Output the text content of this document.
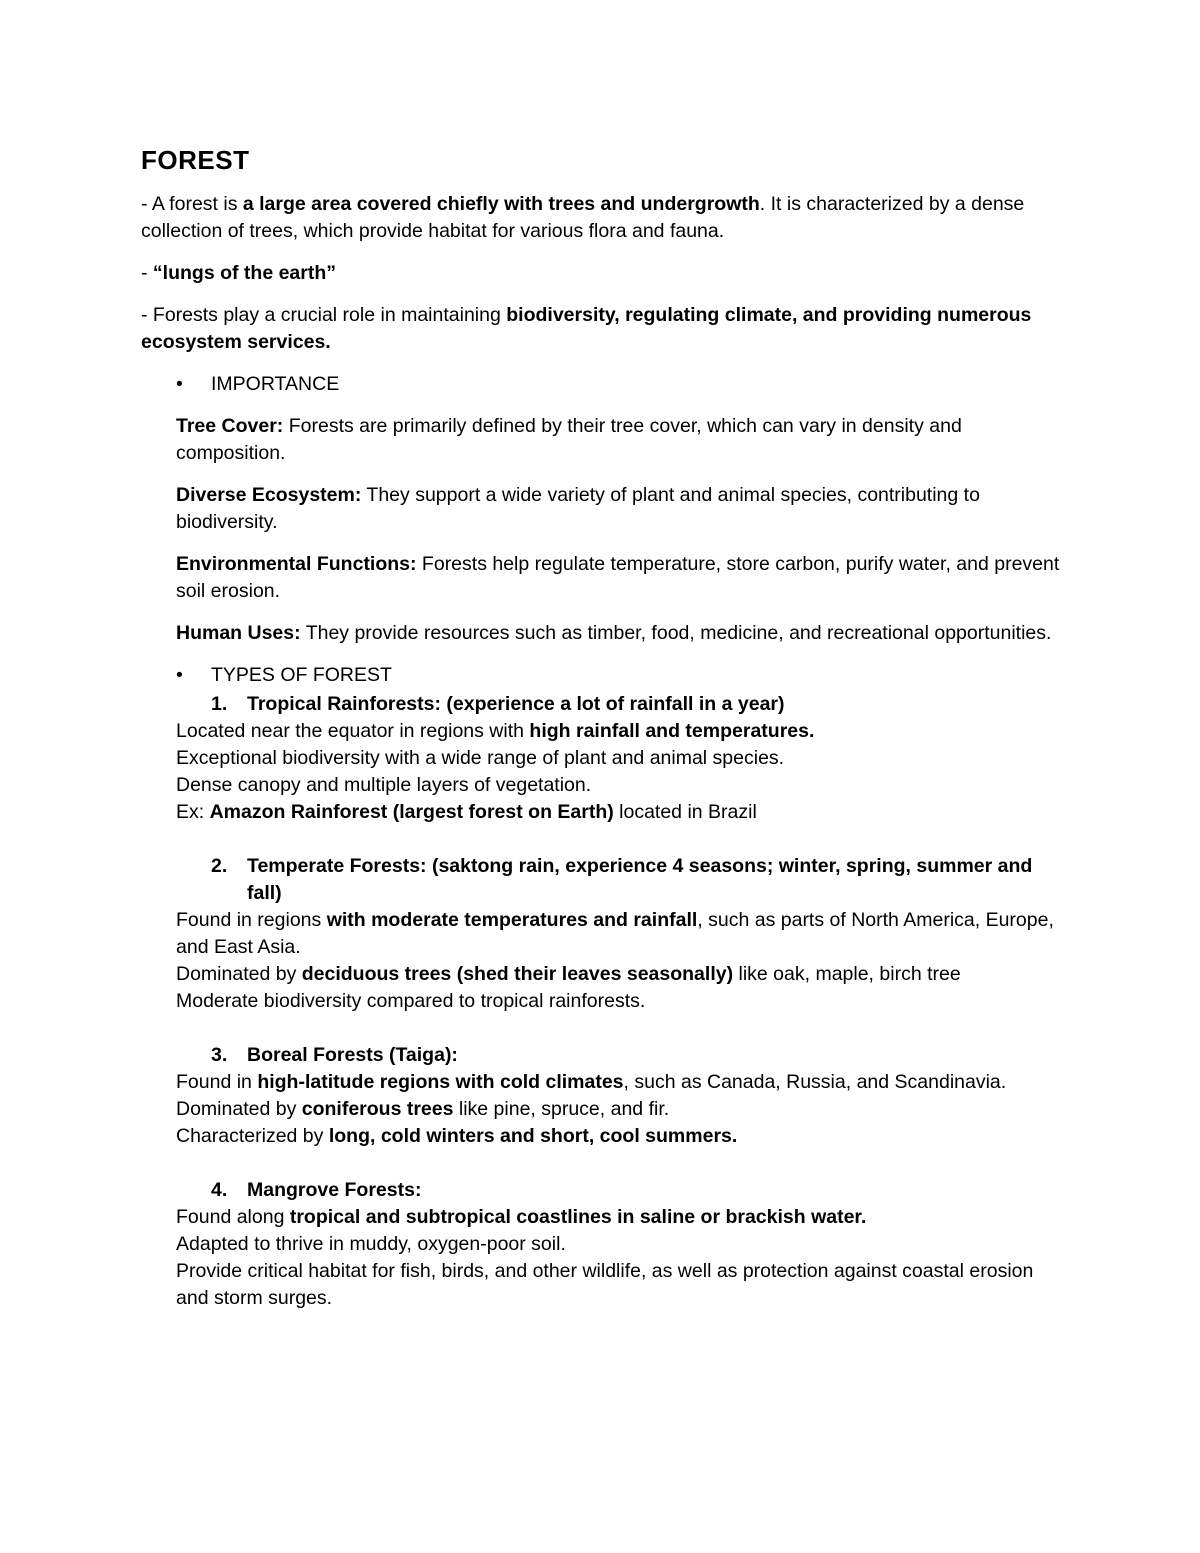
FOREST

- A forest is a large area covered chiefly with trees and undergrowth. It is characterized by a dense collection of trees, which provide habitat for various flora and fauna.

- “lungs of the earth”

- Forests play a crucial role in maintaining biodiversity, regulating climate, and providing numerous ecosystem services.

• IMPORTANCE

Tree Cover: Forests are primarily defined by their tree cover, which can vary in density and composition.

Diverse Ecosystem: They support a wide variety of plant and animal species, contributing to biodiversity.

Environmental Functions: Forests help regulate temperature, store carbon, purify water, and prevent soil erosion.

Human Uses: They provide resources such as timber, food, medicine, and recreational opportunities.

• TYPES OF FOREST
1. Tropical Rainforests: (experience a lot of rainfall in a year)

Located near the equator in regions with high rainfall and temperatures.

Exceptional biodiversity with a wide range of plant and animal species.

Dense canopy and multiple layers of vegetation.

Ex: Amazon Rainforest (largest forest on Earth) located in Brazil

2. Temperate Forests: (saktong rain, experience 4 seasons; winter, spring, summer and fall)

Found in regions with moderate temperatures and rainfall, such as parts of North America, Europe, and East Asia.

Dominated by deciduous trees (shed their leaves seasonally) like oak, maple, birch tree

Moderate biodiversity compared to tropical rainforests.

3. Boreal Forests (Taiga):

Found in high-latitude regions with cold climates, such as Canada, Russia, and Scandinavia.

Dominated by coniferous trees like pine, spruce, and fir.

Characterized by long, cold winters and short, cool summers.

4. Mangrove Forests:

Found along tropical and subtropical coastlines in saline or brackish water.

Adapted to thrive in muddy, oxygen-poor soil.

Provide critical habitat for fish, birds, and other wildlife, as well as protection against coastal erosion and storm surges.
